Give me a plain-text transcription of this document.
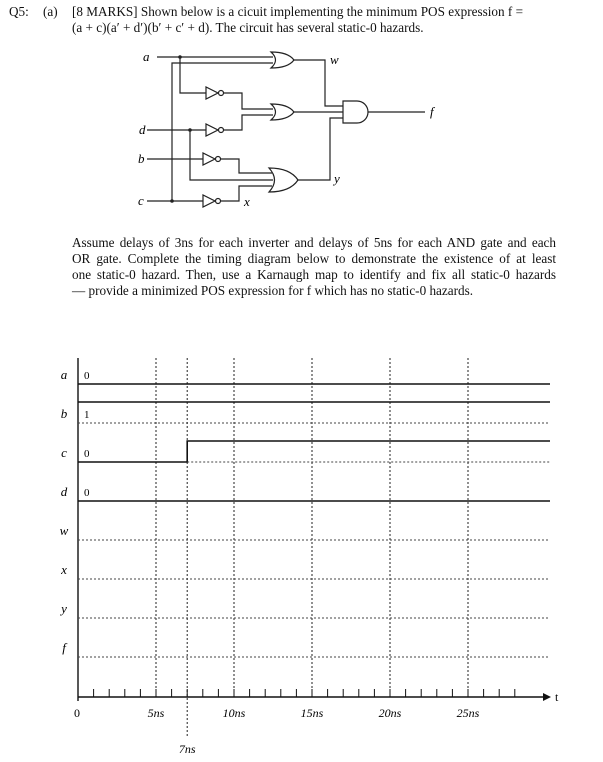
Q5: (a) [8 MARKS] Shown below is a cicuit implementing the minimum POS expression f =
(a + c)(a′ + d′)(b′ + c′ + d). The circuit has several static-0 hazards.
a
d
b
c
w
x
y
f
Assume delays of 3ns for each inverter and delays of 5ns for each AND gate and each
OR gate. Complete the timing diagram below to demonstrate the existence of at least
one static-0 hazard. Then, use a Karnaugh map to identify and fix all static-0 hazards
— provide a minimized POS expression for f which has no static-0 hazards.
5ns	10ns	15ns	20ns	25ns
7ns
t
0
a 0
b 1
c 0
d 0
w
x
y
f
